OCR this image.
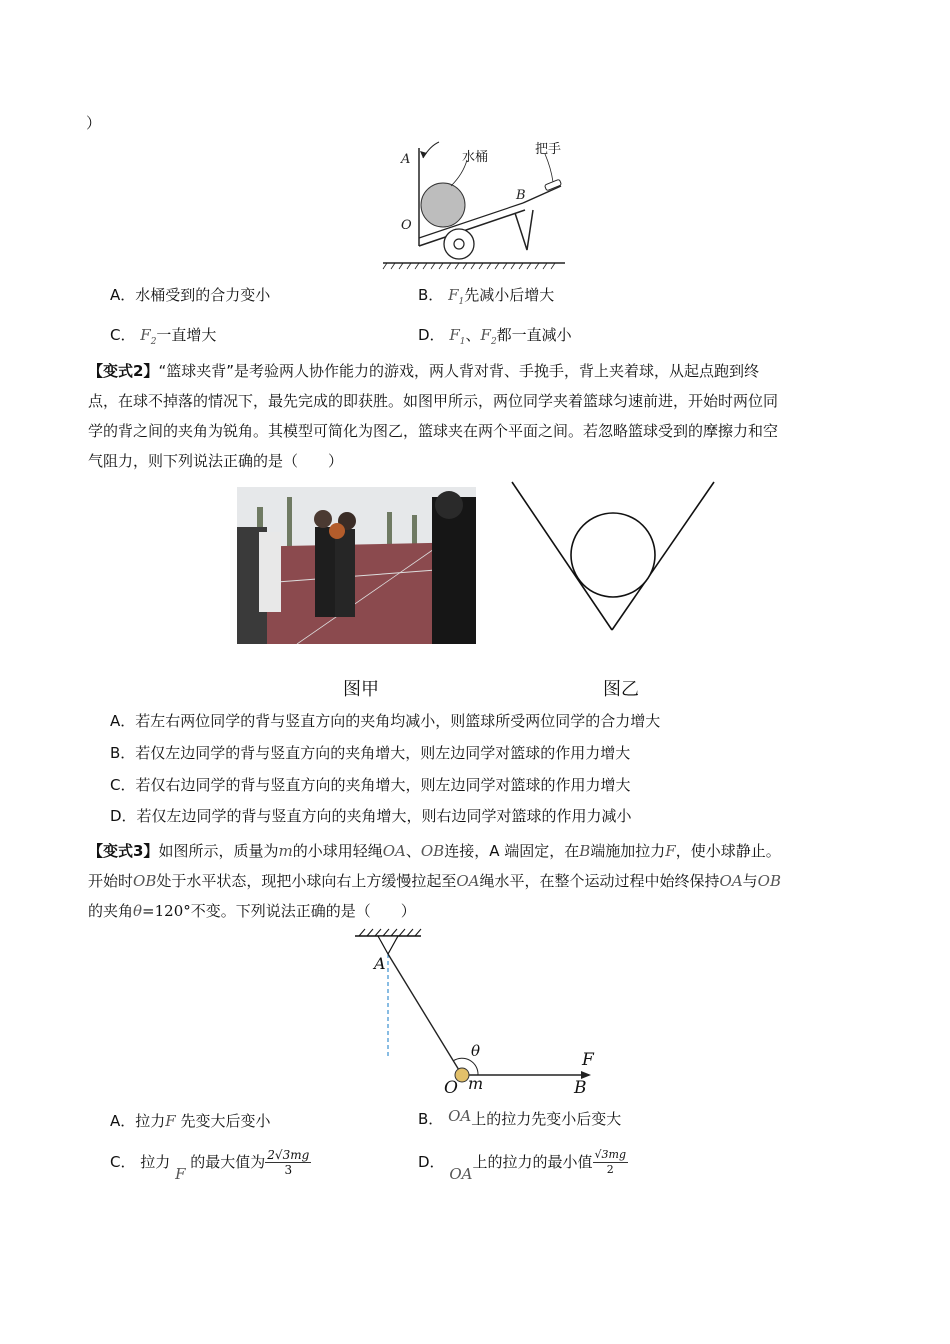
）
A
O
B
水桶
把手
A．水桶受到的合力变小	B． $F_1$先减小后增大
C． $F_2$一直增大	D． $F_1$、$F_2$都一直减小
【变式2】“篮球夹背”是考验两人协作能力的游戏，两人背对背、手挽手，背上夹着球，从起点跑到终
点，在球不掉落的情况下，最先完成的即获胜。如图甲所示，两位同学夹着篮球匀速前进，开始时两位同
学的背之间的夹角为锐角。其模型可简化为图乙，篮球夹在两个平面之间。若忽略篮球受到的摩擦力和空
气阻力，则下列说法正确的是（　　）
图甲	图乙
A．若左右两位同学的背与竖直方向的夹角均减小，则篮球所受两位同学的合力增大
B．若仅左边同学的背与竖直方向的夹角增大，则左边同学对篮球的作用力增大
C．若仅右边同学的背与竖直方向的夹角增大，则左边同学对篮球的作用力增大
D．若仅左边同学的背与竖直方向的夹角增大，则右边同学对篮球的作用力减小
【变式3】如图所示，质量为m的小球用轻绳OA、OB连接，A 端固定，在B端施加拉力F，使小球静止。
开始时OB处于水平状态，现把小球向右上方缓慢拉起至OA绳水平，在整个运动过程中始终保持OA与OB
的夹角θ=120°不变。下列说法正确的是（　　）
A
θ
O m
F
B
A．拉力F 先变大后变小	B． OA上的拉力先变小后变大
C． 拉力 F 的最大值为 $\frac{2√3mg}{3}$	D． OA上的拉力的最小值 $\frac{√3mg}{2}$
